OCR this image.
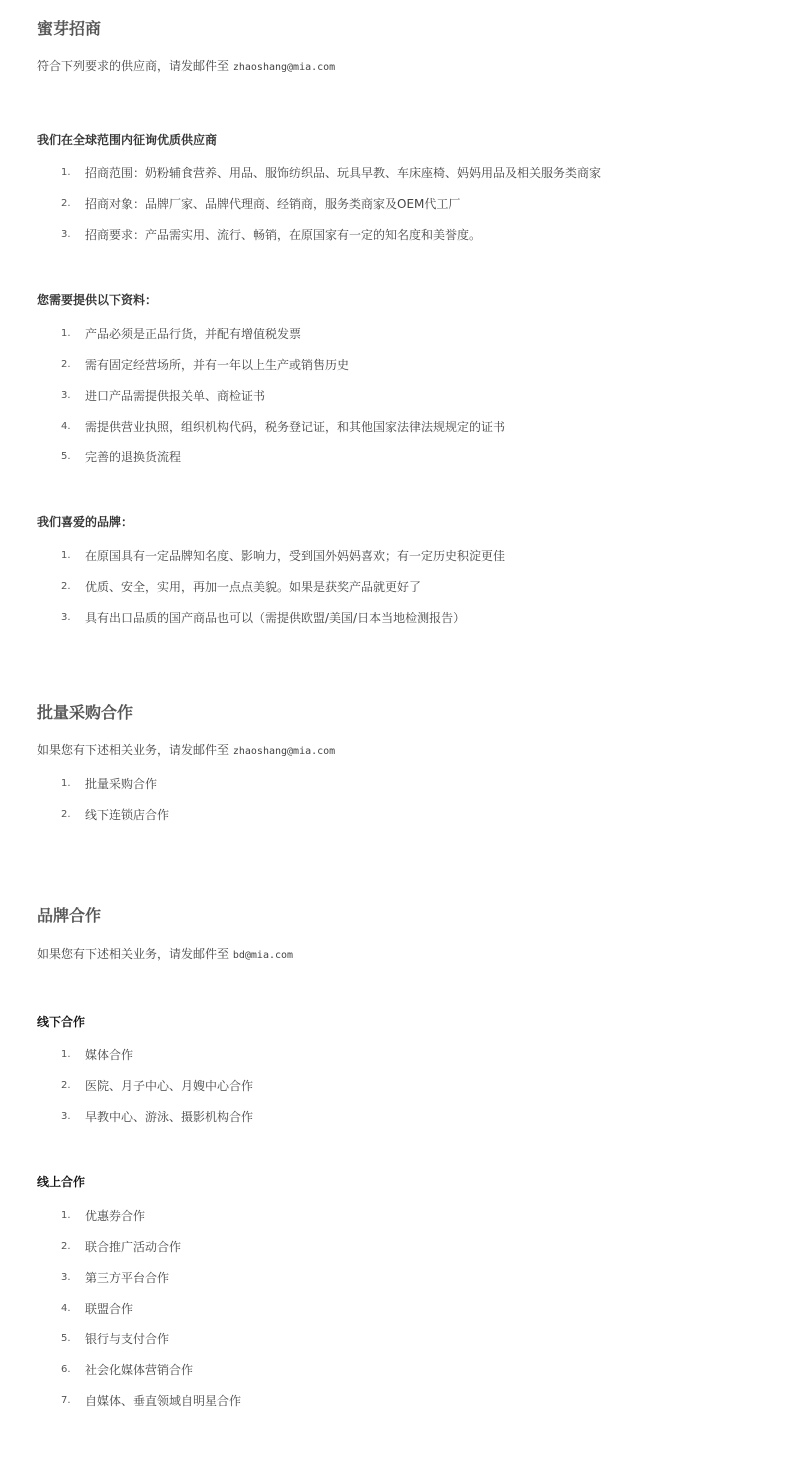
蜜芽招商

符合下列要求的供应商，请发邮件至 zhaoshang@mia.com

我们在全球范围内征询优质供应商
1. 招商范围：奶粉辅食营养、用品、服饰纺织品、玩具早教、车床座椅、妈妈用品及相关服务类商家
2. 招商对象：品牌厂家、品牌代理商、经销商，服务类商家及OEM代工厂
3. 招商要求：产品需实用、流行、畅销，在原国家有一定的知名度和美誉度。
您需要提供以下资料：
1. 产品必须是正品行货，并配有增值税发票
2. 需有固定经营场所，并有一年以上生产或销售历史
3. 进口产品需提供报关单、商检证书
4. 需提供营业执照，组织机构代码，税务登记证，和其他国家法律法规规定的证书
5. 完善的退换货流程
我们喜爱的品牌：
1. 在原国具有一定品牌知名度、影响力，受到国外妈妈喜欢；有一定历史积淀更佳
2. 优质、安全，实用，再加一点点美貌。如果是获奖产品就更好了
3. 具有出口品质的国产商品也可以（需提供欧盟/美国/日本当地检测报告）
批量采购合作

如果您有下述相关业务，请发邮件至 zhaoshang@mia.com

1. 批量采购合作
2. 线下连锁店合作
品牌合作

如果您有下述相关业务，请发邮件至 bd@mia.com

线下合作
1. 媒体合作
2. 医院、月子中心、月嫂中心合作
3. 早教中心、游泳、摄影机构合作
线上合作
1. 优惠券合作
2. 联合推广活动合作
3. 第三方平台合作
4. 联盟合作
5. 银行与支付合作
6. 社会化媒体营销合作
7. 自媒体、垂直领域自明星合作
